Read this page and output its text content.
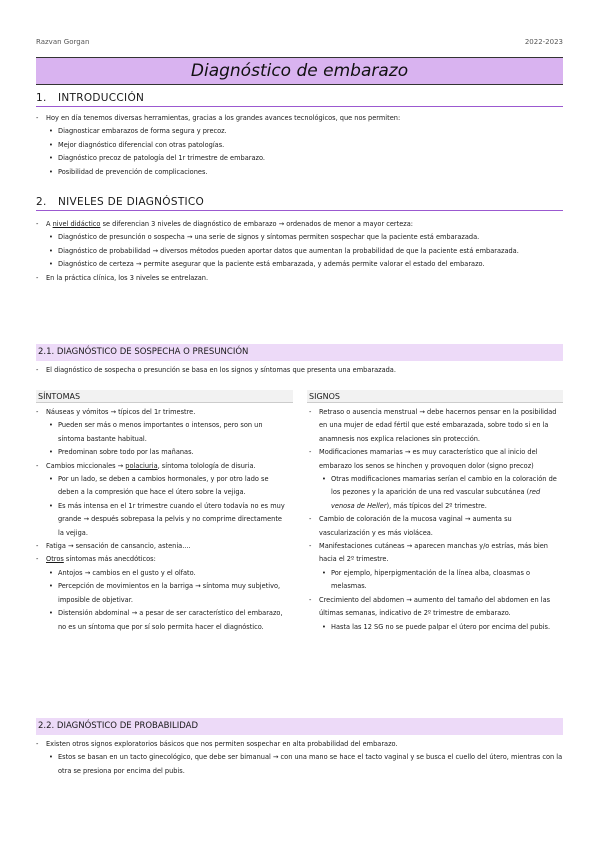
Razvan Gorgan	2022-2023
Diagnóstico de embarazo
1. INTRODUCCIÓN
- Hoy en día tenemos diversas herramientas, gracias a los grandes avances tecnológicos, que nos permiten:
• Diagnosticar embarazos de forma segura y precoz.
• Mejor diagnóstico diferencial con otras patologías.
• Diagnóstico precoz de patología del 1r trimestre de embarazo.
• Posibilidad de prevención de complicaciones.
2. NIVELES DE DIAGNÓSTICO
- A nivel didáctico se diferencian 3 niveles de diagnóstico de embarazo → ordenados de menor a mayor certeza:
• Diagnóstico de presunción o sospecha → una serie de signos y síntomas permiten sospechar que la paciente está embarazada.
• Diagnóstico de probabilidad → diversos métodos pueden aportar datos que aumentan la probabilidad de que la paciente está embarazada.
• Diagnóstico de certeza → permite asegurar que la paciente está embarazada, y además permite valorar el estado del embarazo.
- En la práctica clínica, los 3 niveles se entrelazan.
2.1. DIAGNÓSTICO DE SOSPECHA O PRESUNCIÓN
- El diagnóstico de sospecha o presunción se basa en los signos y síntomas que presenta una embarazada.
SÍNTOMAS
- Náuseas y vómitos → típicos del 1r trimestre.
• Pueden ser más o menos importantes o intensos, pero son un síntoma bastante habitual.
• Predominan sobre todo por las mañanas.
- Cambios miccionales → polaciuria, síntoma tolología de disuria.
• Por un lado, se deben a cambios hormonales, y por otro lado se deben a la compresión que hace el útero sobre la vejiga.
• Es más intensa en el 1r trimestre cuando el útero todavía no es muy grande → después sobrepasa la pelvis y no comprime directamente la vejiga.
- Fatiga → sensación de cansancio, astenia....
- Otros síntomas más anecdóticos:
• Antojos → cambios en el gusto y el olfato.
• Percepción de movimientos en la barriga → síntoma muy subjetivo, imposible de objetivar.
• Distensión abdominal → a pesar de ser característico del embarazo, no es un síntoma que por sí solo permita hacer el diagnóstico.
SIGNOS
- Retraso o ausencia menstrual → debe hacernos pensar en la posibilidad en una mujer de edad fértil que esté embarazada, sobre todo si en la anamnesis nos explica relaciones sin protección.
- Modificaciones mamarias → es muy característico que al inicio del embarazo los senos se hinchen y provoquen dolor (signo precoz)
• Otras modificaciones mamarias serían el cambio en la coloración de los pezones y la aparición de una red vascular subcutánea (red venosa de Heller), más típicos del 2º trimestre.
- Cambio de coloración de la mucosa vaginal → aumenta su vascularización y es más violácea.
- Manifestaciones cutáneas → aparecen manchas y/o estrías, más bien hacia el 2º trimestre.
• Por ejemplo, hiperpigmentación de la línea alba, cloasmas o melasmas.
- Crecimiento del abdomen → aumento del tamaño del abdomen en las últimas semanas, indicativo de 2º trimestre de embarazo.
• Hasta las 12 SG no se puede palpar el útero por encima del pubis.
2.2. DIAGNÓSTICO DE PROBABILIDAD
- Existen otros signos exploratorios básicos que nos permiten sospechar en alta probabilidad del embarazo.
• Estos se basan en un tacto ginecológico, que debe ser bimanual → con una mano se hace el tacto vaginal y se busca el cuello del útero, mientras con la otra se presiona por encima del pubis.
